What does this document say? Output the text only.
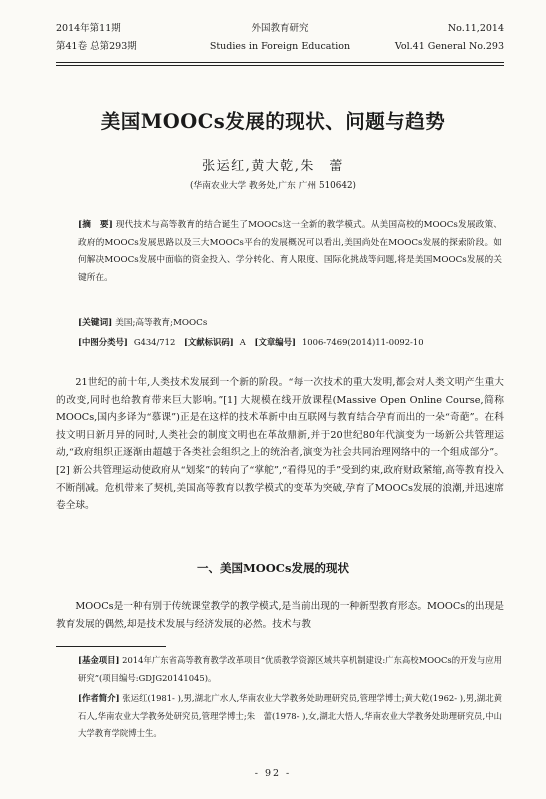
2014年第11期	外国教育研究	No.11,2014
第41卷 总第293期	Studies in Foreign Education	Vol.41 General No.293
美国MOOCs发展的现状、问题与趋势
张运红,黄大乾,朱　蕾
(华南农业大学 教务处,广东 广州 510642)
[摘　要] 现代技术与高等教育的结合诞生了MOOCs这一全新的教学模式。从美国高校的MOOCs发展政策、政府的MOOCs发展思路以及三大MOOCs平台的发展概况可以看出,美国尚处在MOOCs发展的探索阶段。如何解决MOOCs发展中面临的资金投入、学分转化、育人限度、国际化挑战等问题,将是美国MOOCs发展的关键所在。
[关键词] 美国;高等教育;MOOCs
[中图分类号] G434/712 [文献标识码] A [文章编号] 1006-7469(2014)11-0092-10
21世纪的前十年,人类技术发展到一个新的阶段。“每一次技术的重大发明,都会对人类文明产生重大的改变,同时也给教育带来巨大影响。”[1] 大规模在线开放课程(Massive Open Online Course,简称MOOCs,国内多译为“慕课”)正是在这样的技术革新中由互联网与教育结合孕育而出的一朵“奇葩”。在科技文明日新月异的同时,人类社会的制度文明也在革故鼎新,并于20世纪80年代演变为一场新公共管理运动,“政府组织正逐渐由超越于各类社会组织之上的统治者,演变为社会共同治理网络中的一个组成部分”。[2] 新公共管理运动使政府从“划桨”的转向了“掌舵”,“看得见的手”受到约束,政府财政紧缩,高等教育投入不断削减。危机带来了契机,美国高等教育以教学模式的变革为突破,孕育了MOOCs发展的浪潮,并迅速席卷全球。
一、美国MOOCs发展的现状
MOOCs是一种有别于传统课堂教学的教学模式,是当前出现的一种新型教育形态。MOOCs的出现是教育发展的偶然,却是技术发展与经济发展的必然。技术与教
[基金项目] 2014年广东省高等教育教学改革项目“优质教学资源区域共享机制建设:广东高校MOOCs的开发与应用研究”(项目编号:GDJG20141045)。
[作者简介] 张运红(1981- ),男,湖北广水人,华南农业大学教务处助理研究员,管理学博士;黄大乾(1962- ),男,湖北黄石人,华南农业大学教务处研究员,管理学博士;朱　蕾(1978- ),女,湖北大悟人,华南农业大学教务处助理研究员,中山大学教育学院博士生。
- 92 -
